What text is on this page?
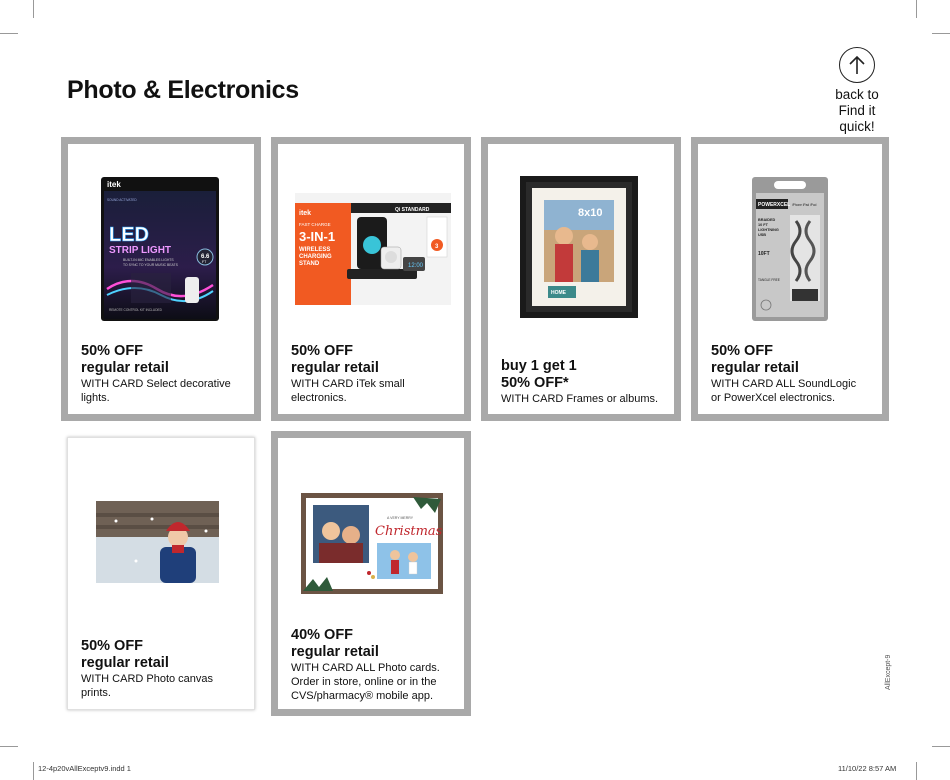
Photo & Electronics	back to
Find it
quick!
itek
SOUND ACTIVATED
LED
STRIP LIGHT
BUILT-IN MIC ENABLES LIGHTS
TO SYNC TO YOUR MUSIC BEATS
6.6
FT
REMOTE CONTROL KIT INCLUDED
50% OFF
regular retail
WITH CARD Select decorative
lights.
itek
FAST CHARGE
3-IN-1
WIRELESS
CHARGING
STAND
Qi STANDARD
12:00
3
50% OFF
regular retail
WITH CARD iTek small
electronics.
8x10
HOME
buy 1 get 1
50% OFF*
WITH CARD Frames or albums.
POWERXCEL iPhone iPad iPod
BRAIDED
10 FT
LIGHTNING
USB
10FT
TANGLE FREE
50% OFF
regular retail
WITH CARD ALL SoundLogic
or PowerXcel electronics.
50% OFF
regular retail
WITH CARD Photo canvas
prints.
A VERY MERRY
Christmas
40% OFF
regular retail
WITH CARD ALL Photo cards.
Order in store, online or in the
CVS/pharmacy® mobile app.
AllExcept-9
12-4p20vAllExceptv9.indd 1	11/10/22 8:57 AM
